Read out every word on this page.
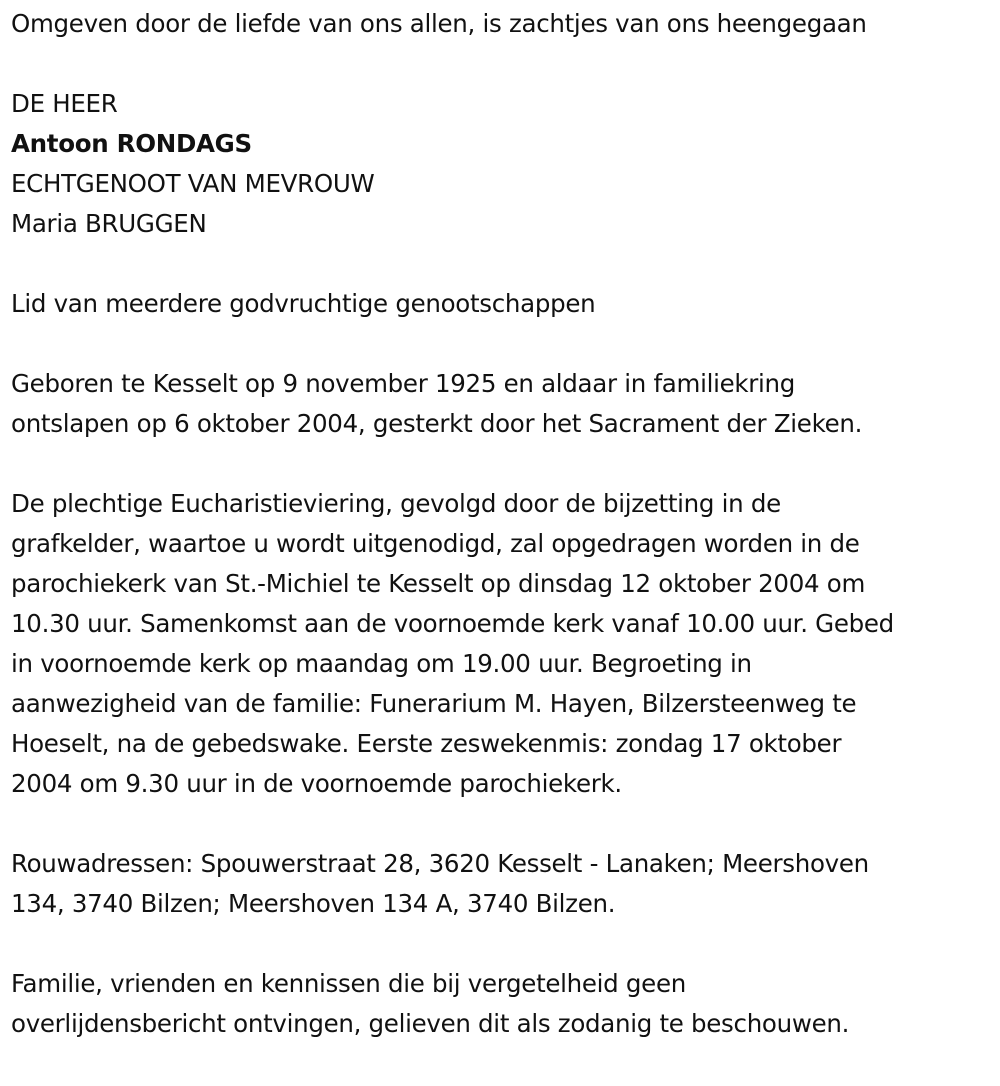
Omgeven door de liefde van ons allen, is zachtjes van ons heengegaan
DE HEER
Antoon RONDAGS
ECHTGENOOT VAN MEVROUW
Maria BRUGGEN
Lid van meerdere godvruchtige genootschappen
Geboren te Kesselt op 9 november 1925 en aldaar in familiekring
ontslapen op 6 oktober 2004, gesterkt door het Sacrament der Zieken.
De plechtige Eucharistieviering, gevolgd door de bijzetting in de
grafkelder, waartoe u wordt uitgenodigd, zal opgedragen worden in de
parochiekerk van St.-Michiel te Kesselt op dinsdag 12 oktober 2004 om
10.30 uur. Samenkomst aan de voornoemde kerk vanaf 10.00 uur. Gebed
in voornoemde kerk op maandag om 19.00 uur. Begroeting in
aanwezigheid van de familie: Funerarium M. Hayen, Bilzersteenweg te
Hoeselt, na de gebedswake. Eerste zeswekenmis: zondag 17 oktober
2004 om 9.30 uur in de voornoemde parochiekerk.
Rouwadressen: Spouwerstraat 28, 3620 Kesselt - Lanaken; Meershoven
134, 3740 Bilzen; Meershoven 134 A, 3740 Bilzen.
Familie, vrienden en kennissen die bij vergetelheid geen
overlijdensbericht ontvingen, gelieven dit als zodanig te beschouwen.
